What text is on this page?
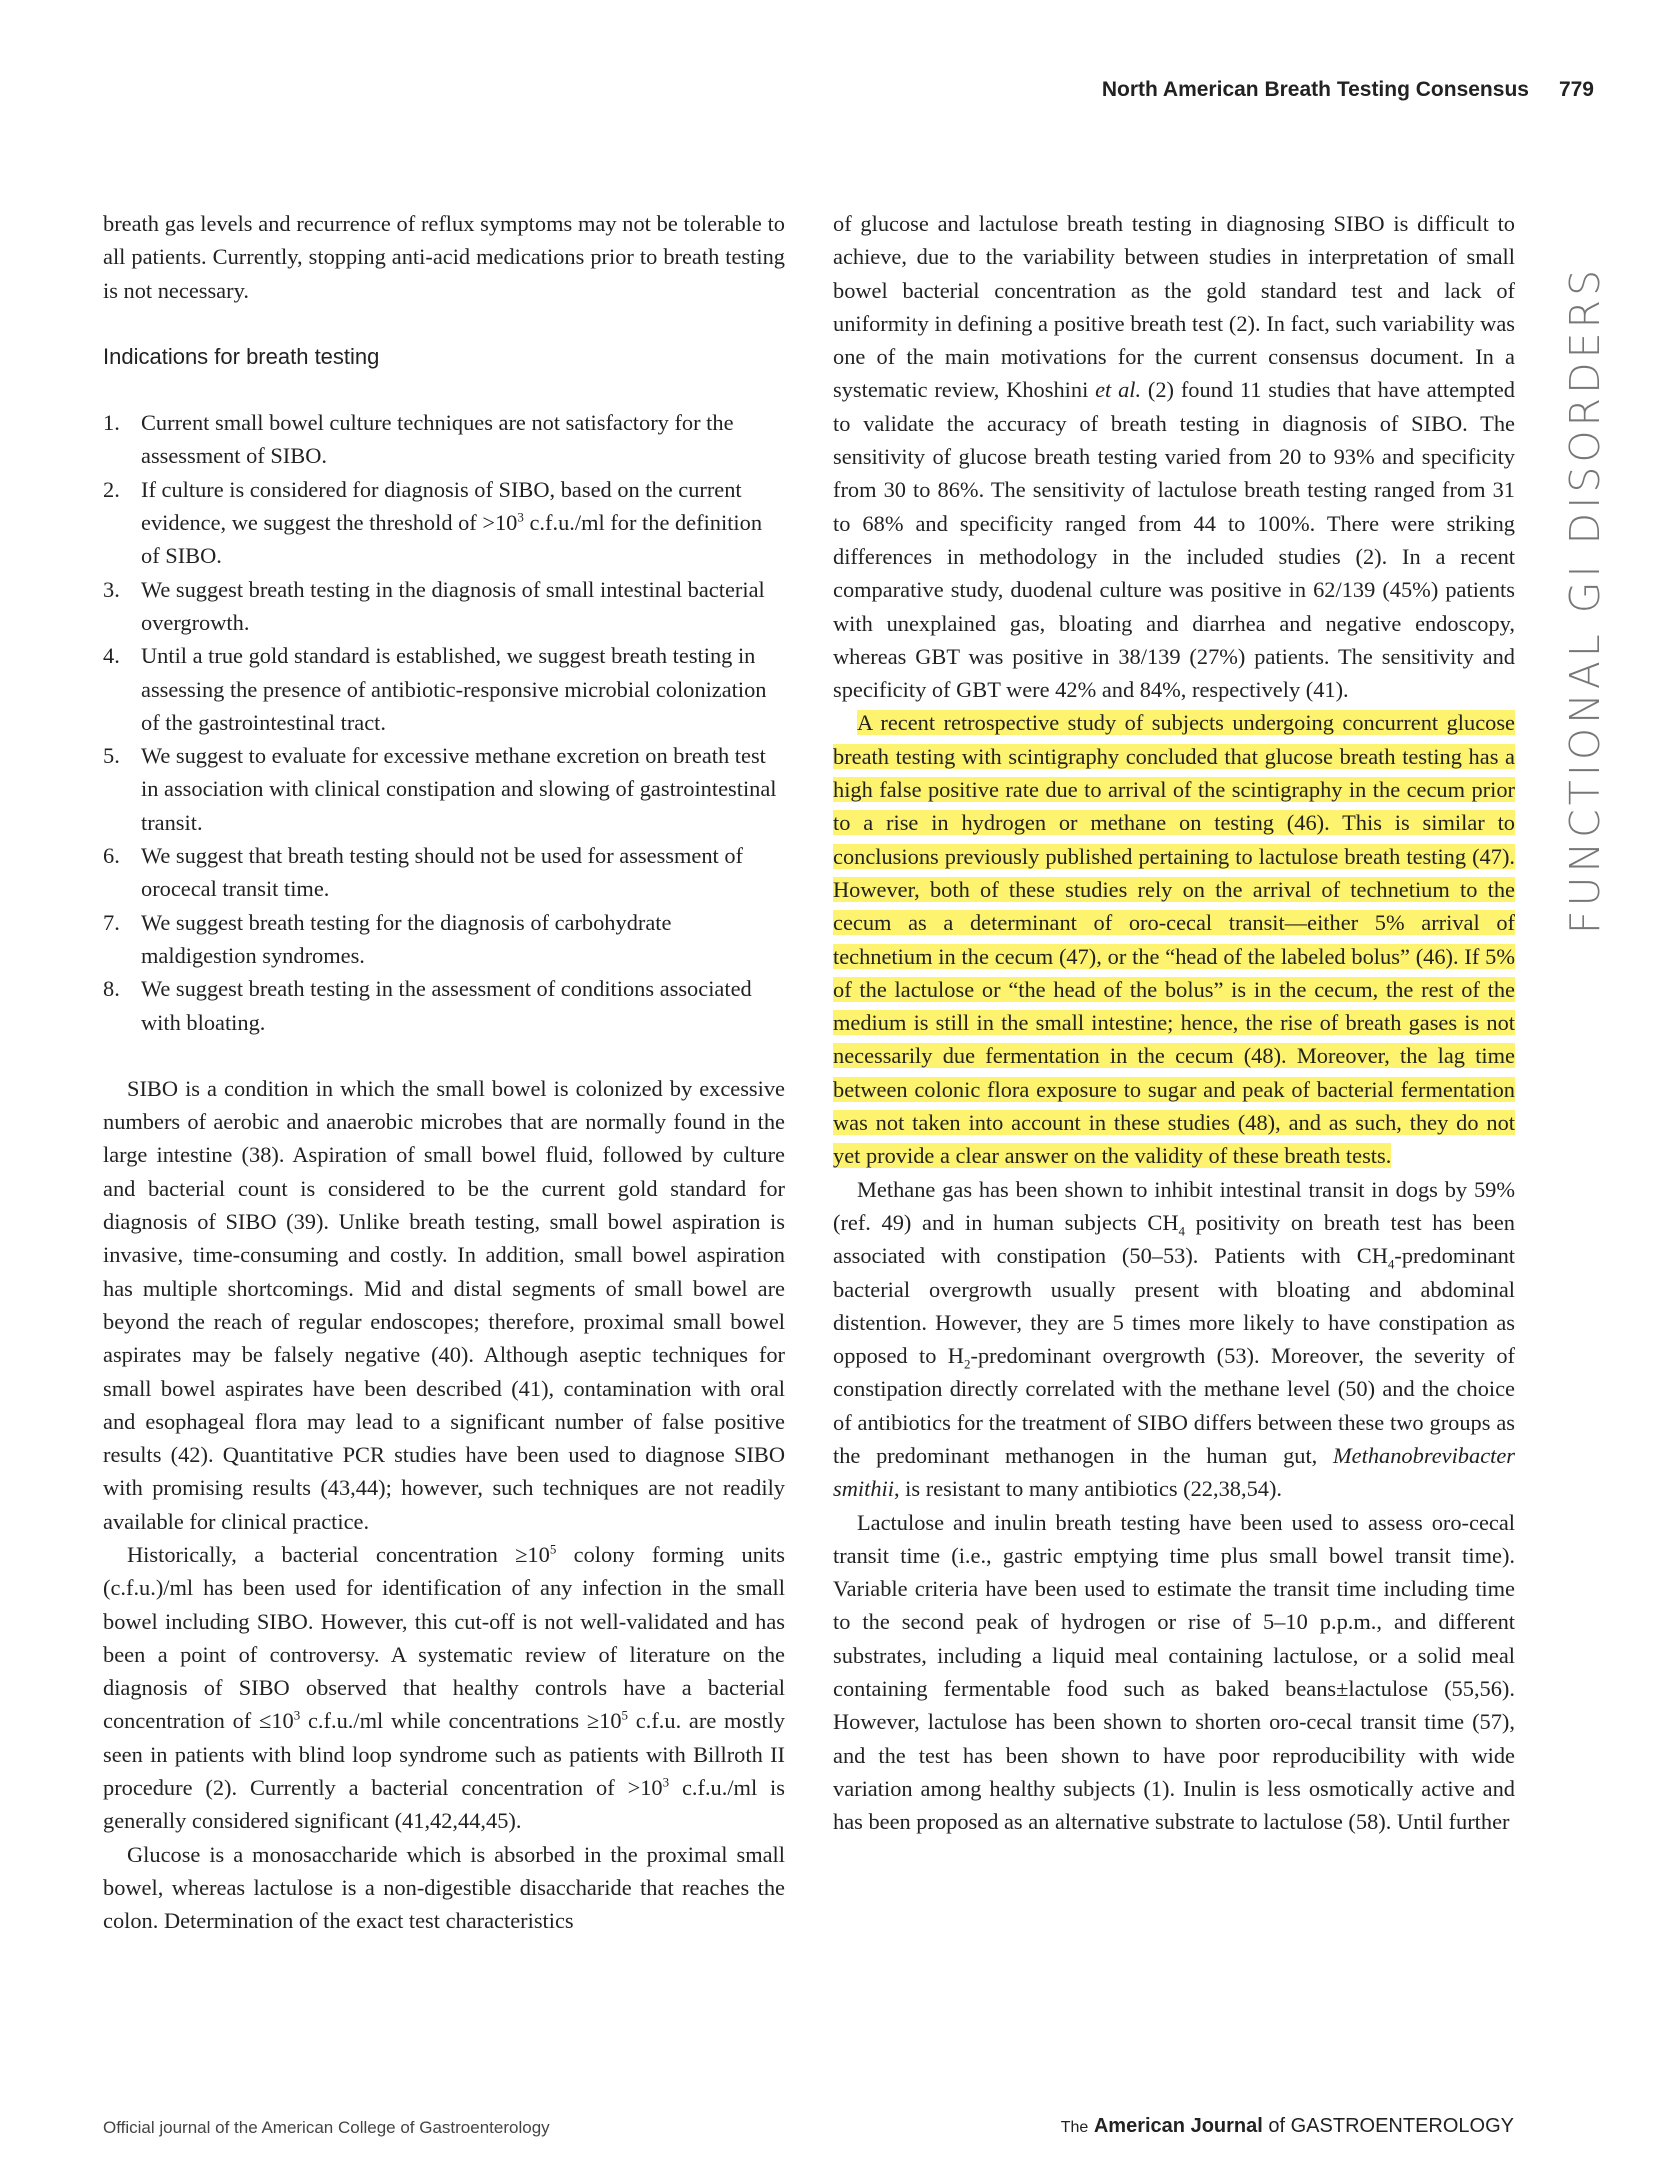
North American Breath Testing Consensus 779
FUNCTIONAL GI DISORDERS

breath gas levels and recurrence of reflux symptoms may not be tolerable to all patients. Currently, stopping anti-acid medications prior to breath testing is not necessary.

Indications for breath testing
1. Current small bowel culture techniques are not satisfactory for the assessment of SIBO.
2. If culture is considered for diagnosis of SIBO, based on the current evidence, we suggest the threshold of $>10^3$ c.f.u./ml for the definition of SIBO.
3. We suggest breath testing in the diagnosis of small intestinal bacterial overgrowth.
4. Until a true gold standard is established, we suggest breath testing in assessing the presence of antibiotic-responsive microbial colonization of the gastrointestinal tract.
5. We suggest to evaluate for excessive methane excretion on breath test in association with clinical constipation and slowing of gastrointestinal transit.
6. We suggest that breath testing should not be used for assessment of orocecal transit time.
7. We suggest breath testing for the diagnosis of carbohydrate maldigestion syndromes.
8. We suggest breath testing in the assessment of conditions associated with bloating.

SIBO is a condition in which the small bowel is colonized by excessive numbers of aerobic and anaerobic microbes that are normally found in the large intestine (38). Aspiration of small bowel fluid, followed by culture and bacterial count is considered to be the current gold standard for diagnosis of SIBO (39). Unlike breath testing, small bowel aspiration is invasive, time-consuming and costly. In addition, small bowel aspiration has multiple shortcomings. Mid and distal segments of small bowel are beyond the reach of regular endoscopes; therefore, proximal small bowel aspirates may be falsely negative (40). Although aseptic techniques for small bowel aspirates have been described (41), contamination with oral and esophageal flora may lead to a significant number of false positive results (42). Quantitative PCR studies have been used to diagnose SIBO with promising results (43,44); however, such techniques are not readily available for clinical practice.

Historically, a bacterial concentration $\ge 10^5$ colony forming units (c.f.u.)/ml has been used for identification of any infection in the small bowel including SIBO. However, this cut-off is not well-validated and has been a point of controversy. A systematic review of literature on the diagnosis of SIBO observed that healthy controls have a bacterial concentration of $\le 10^3$ c.f.u./ml while concentrations $\ge 10^5$ c.f.u. are mostly seen in patients with blind loop syndrome such as patients with Billroth II procedure (2). Currently a bacterial concentration of $>10^3$ c.f.u./ml is generally considered significant (41,42,44,45).

Glucose is a monosaccharide which is absorbed in the proximal small bowel, whereas lactulose is a non-digestible disaccharide that reaches the colon. Determination of the exact test characteristics

of glucose and lactulose breath testing in diagnosing SIBO is difficult to achieve, due to the variability between studies in interpretation of small bowel bacterial concentration as the gold standard test and lack of uniformity in defining a positive breath test (2). In fact, such variability was one of the main motivations for the current consensus document. In a systematic review, Khoshini et al. (2) found 11 studies that have attempted to validate the accuracy of breath testing in diagnosis of SIBO. The sensitivity of glucose breath testing varied from 20 to 93% and specificity from 30 to 86%. The sensitivity of lactulose breath testing ranged from 31 to 68% and specificity ranged from 44 to 100%. There were striking differences in methodology in the included studies (2). In a recent comparative study, duodenal culture was positive in 62/139 (45%) patients with unexplained gas, bloating and diarrhea and negative endoscopy, whereas GBT was positive in 38/139 (27%) patients. The sensitivity and specificity of GBT were 42% and 84%, respectively (41).

A recent retrospective study of subjects undergoing concurrent glucose breath testing with scintigraphy concluded that glucose breath testing has a high false positive rate due to arrival of the scintigraphy in the cecum prior to a rise in hydrogen or methane on testing (46). This is similar to conclusions previously published pertaining to lactulose breath testing (47). However, both of these studies rely on the arrival of technetium to the cecum as a determinant of oro-cecal transit—either 5% arrival of technetium in the cecum (47), or the “head of the labeled bolus” (46). If 5% of the lactulose or “the head of the bolus” is in the cecum, the rest of the medium is still in the small intestine; hence, the rise of breath gases is not necessarily due fermentation in the cecum (48). Moreover, the lag time between colonic flora exposure to sugar and peak of bacterial fermentation was not taken into account in these studies (48), and as such, they do not yet provide a clear answer on the validity of these breath tests.

Methane gas has been shown to inhibit intestinal transit in dogs by 59% (ref. 49) and in human subjects $CH_4$ positivity on breath test has been associated with constipation (50–53). Patients with $CH_4$-predominant bacterial overgrowth usually present with bloating and abdominal distention. However, they are 5 times more likely to have constipation as opposed to $H_2$-predominant overgrowth (53). Moreover, the severity of constipation directly correlated with the methane level (50) and the choice of antibiotics for the treatment of SIBO differs between these two groups as the predominant methanogen in the human gut, Methanobrevibacter smithii, is resistant to many antibiotics (22,38,54).

Lactulose and inulin breath testing have been used to assess oro-cecal transit time (i.e., gastric emptying time plus small bowel transit time). Variable criteria have been used to estimate the transit time including time to the second peak of hydrogen or rise of 5–10 p.p.m., and different substrates, including a liquid meal containing lactulose, or a solid meal containing fermentable food such as baked beans±lactulose (55,56). However, lactulose has been shown to shorten oro-cecal transit time (57), and the test has been shown to have poor reproducibility with wide variation among healthy subjects (1). Inulin is less osmotically active and has been proposed as an alternative substrate to lactulose (58). Until further

Official journal of the American College of Gastroenterology	The American Journal of GASTROENTEROLOGY
